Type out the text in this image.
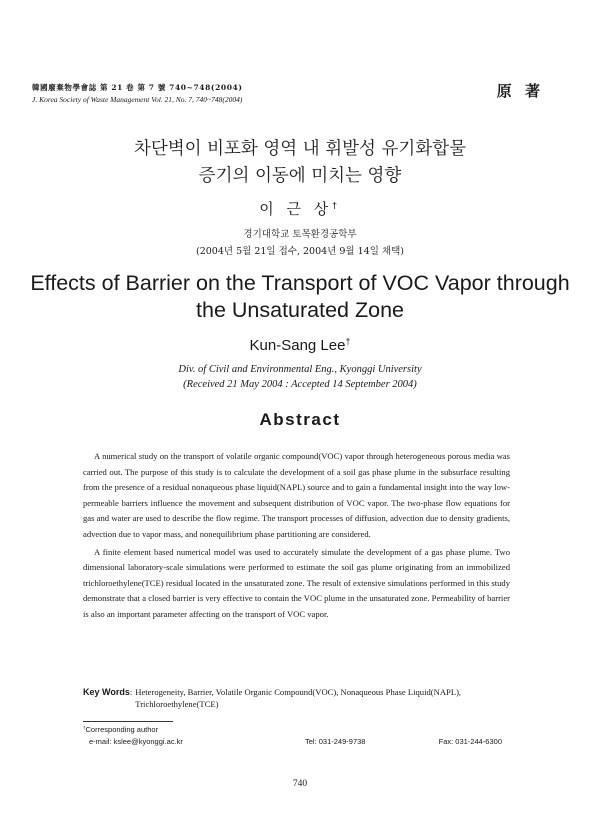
韓國廢棄物學會誌 第 21 卷 第 7 號 740~748(2004)
J. Korea Society of Waste Management Vol. 21, No. 7, 740~748(2004)	原 著
차단벽이 비포화 영역 내 휘발성 유기화합물
증기의 이동에 미치는 영향
이 근 상†
경기대학교 토목환경공학부
(2004년 5월 21일 접수, 2004년 9월 14일 채택)
Effects of Barrier on the Transport of VOC Vapor through
the Unsaturated Zone
Kun-Sang Lee†
Div. of Civil and Environmental Eng., Kyonggi University
(Received 21 May 2004 : Accepted 14 September 2004)
Abstract

A numerical study on the transport of volatile organic compound(VOC) vapor through heterogeneous porous media was carried out. The purpose of this study is to calculate the development of a soil gas phase plume in the subsurface resulting from the presence of a residual nonaqueous phase liquid(NAPL) source and to gain a fundamental insight into the way low-permeable barriers influence the movement and subsequent distribution of VOC vapor. The two-phase flow equations for gas and water are used to describe the flow regime. The transport processes of diffusion, advection due to density gradients, advection due to vapor mass, and nonequilibrium phase partitioning are considered.

A finite element based numerical model was used to accurately simulate the development of a gas phase plume. Two dimensional laboratory-scale simulations were performed to estimate the soil gas plume originating from an immobilized trichloroethylene(TCE) residual located in the unsaturated zone. The result of extensive simulations performed in this study demonstrate that a closed barrier is very effective to contain the VOC plume in the unsaturated zone. Permeability of barrier is also an important parameter affecting on the transport of VOC vapor.

Key Words : Heterogeneity, Barrier, Volatile Organic Compound(VOC), Nonaqueous Phase Liquid(NAPL), Trichloroethylene(TCE)
†Corresponding author
e-mail: kslee@kyonggi.ac.kr	Tel: 031-249-9738	Fax: 031-244-6300
740
